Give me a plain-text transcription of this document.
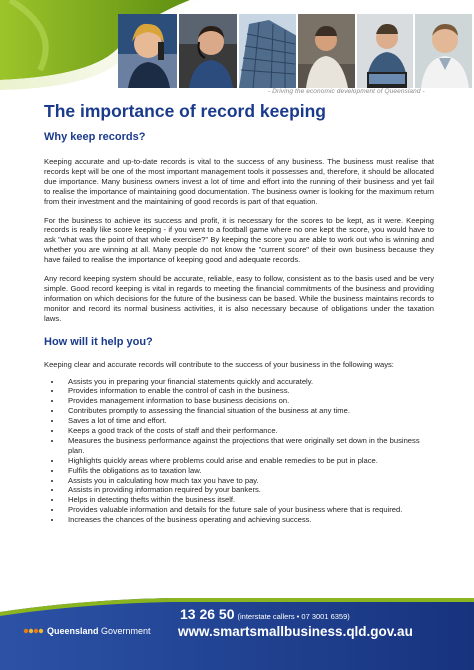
- Driving the economic development of Queensland -
The importance of record keeping
Why keep records?

Keeping accurate and up-to-date records is vital to the success of any business. The business must realise that records kept will be one of the most important management tools it possesses and, therefore, it should be allocated due importance. Many business owners invest a lot of time and effort into the running of their business and yet fail to realise the importance of maintaining good documentation. The business owner is looking for the maximum return from their investment and the maintaining of good records is part of that equation.

For the business to achieve its success and profit, it is necessary for the scores to be kept, as it were. Keeping records is really like score keeping - if you went to a football game where no one kept the score, you would have to ask "what was the point of that whole exercise?" By keeping the score you are able to work out who is winning and whether you are winning at all. Many people do not know the "current score" of their own business because they have failed to realise the importance of keeping good and adequate records.

Any record keeping system should be accurate, reliable, easy to follow, consistent as to the basis used and be very simple. Good record keeping is vital in regards to meeting the financial commitments of the business and providing information on which decisions for the future of the business can be based. While the business maintains records to monitor and record its normal business activities, it is also necessary because of obligations under the taxation laws.

How will it help you?

Keeping clear and accurate records will contribute to the success of your business in the following ways:

• Assists you in preparing your financial statements quickly and accurately.
• Provides information to enable the control of cash in the business.
• Provides management information to base business decisions on.
• Contributes promptly to assessing the financial situation of the business at any time.
• Saves a lot of time and effort.
• Keeps a good track of the costs of staff and their performance.
• Measures the business performance against the projections that were originally set down in the business plan.
• Highlights quickly areas where problems could arise and enable remedies to be put in place.
• Fulfils the obligations as to taxation law.
• Assists you in calculating how much tax you have to pay.
• Assists in providing information required by your bankers.
• Helps in detecting thefts within the business itself.
• Provides valuable information and details for the future sale of your business where that is required.
• Increases the chances of the business operating and achieving success.
Queensland Government
13 26 50 (interstate callers • 07 3001 6359)
www.smartsmallbusiness.qld.gov.au
